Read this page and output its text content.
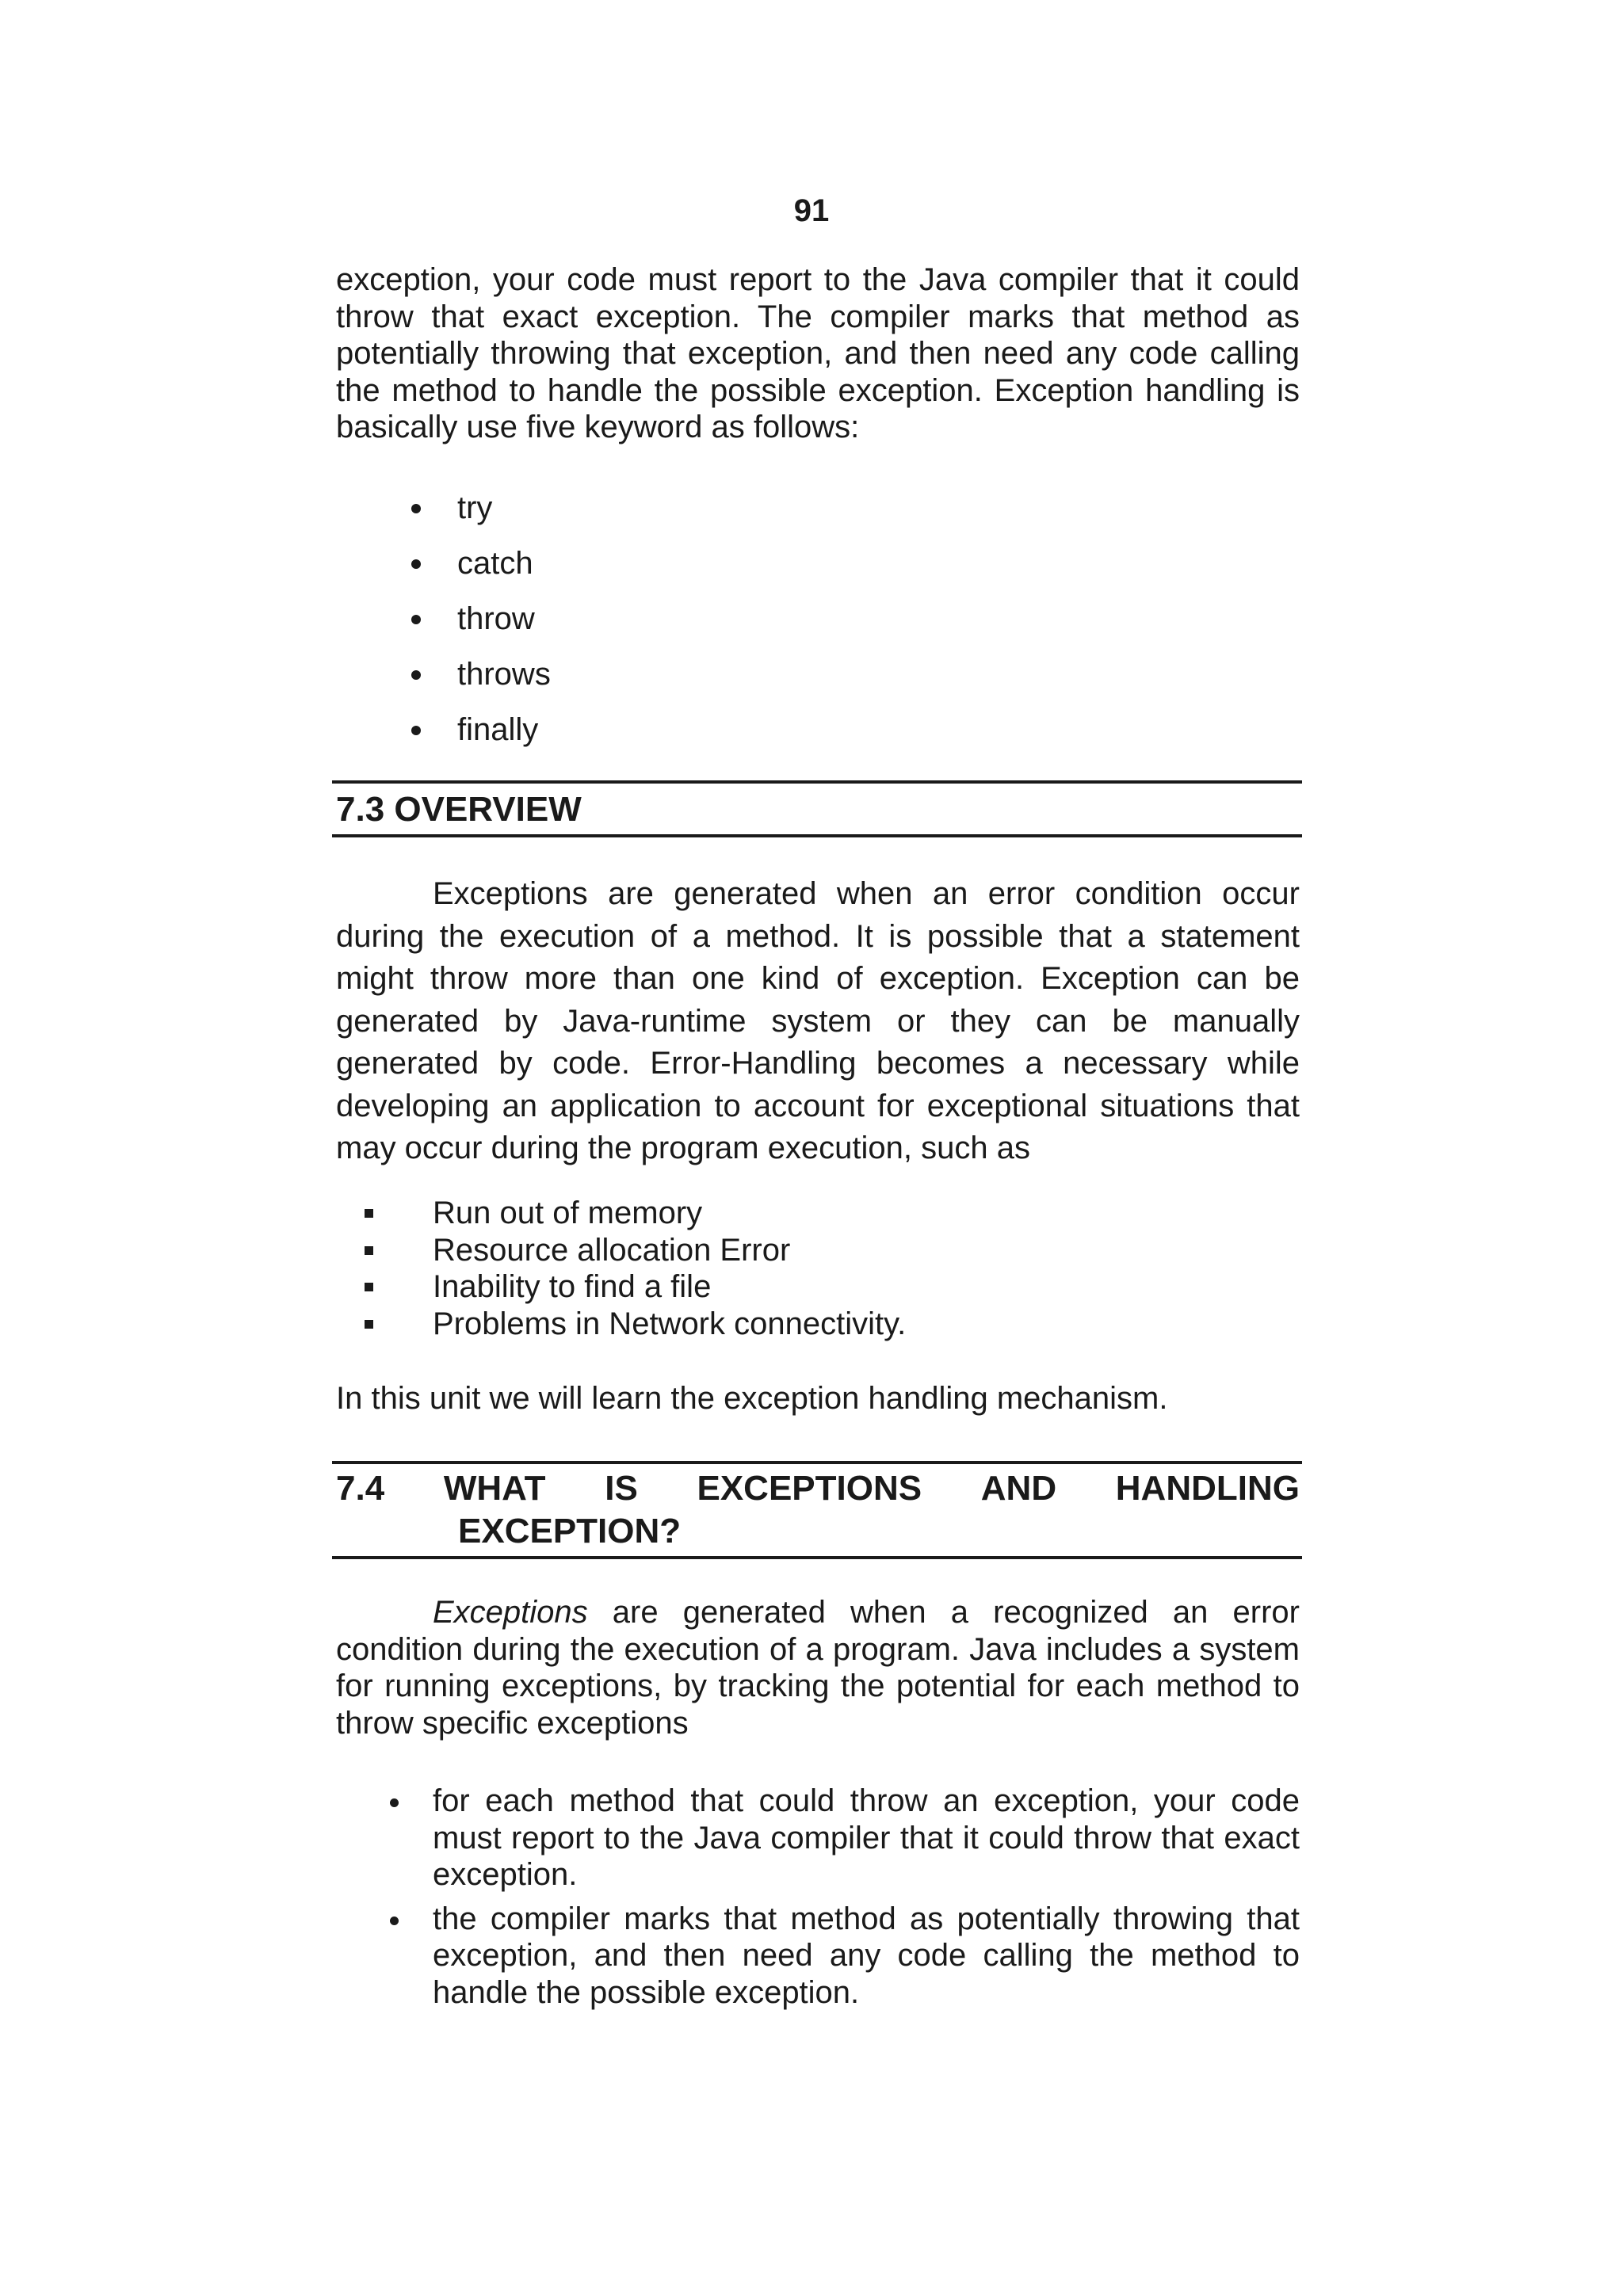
91

exception, your code must report to the Java compiler that it could throw that exact exception. The compiler marks that method as potentially throwing that exception, and then need any code calling the method to handle the possible exception. Exception handling is basically use five keyword as follows:

try
catch
throw
throws
finally
7.3 OVERVIEW

Exceptions are generated when an error condition occur during the execution of a method. It is possible that a statement might throw more than one kind of exception. Exception can be generated by Java-runtime system or they can be manually generated by code. Error-Handling becomes a necessary while developing an application to account for exceptional situations that may occur during the program execution, such as

Run out of memory
Resource allocation Error
Inability to find a file
Problems in Network connectivity.

In this unit we will learn the exception handling mechanism.

7.4 WHAT IS EXCEPTIONS AND HANDLING
EXCEPTION?

Exceptions are generated when a recognized an error condition during the execution of a program. Java includes a system for running exceptions, by tracking the potential for each method to throw specific exceptions

for each method that could throw an exception, your code must report to the Java compiler that it could throw that exact exception.
the compiler marks that method as potentially throwing that exception, and then need any code calling the method to handle the possible exception.
